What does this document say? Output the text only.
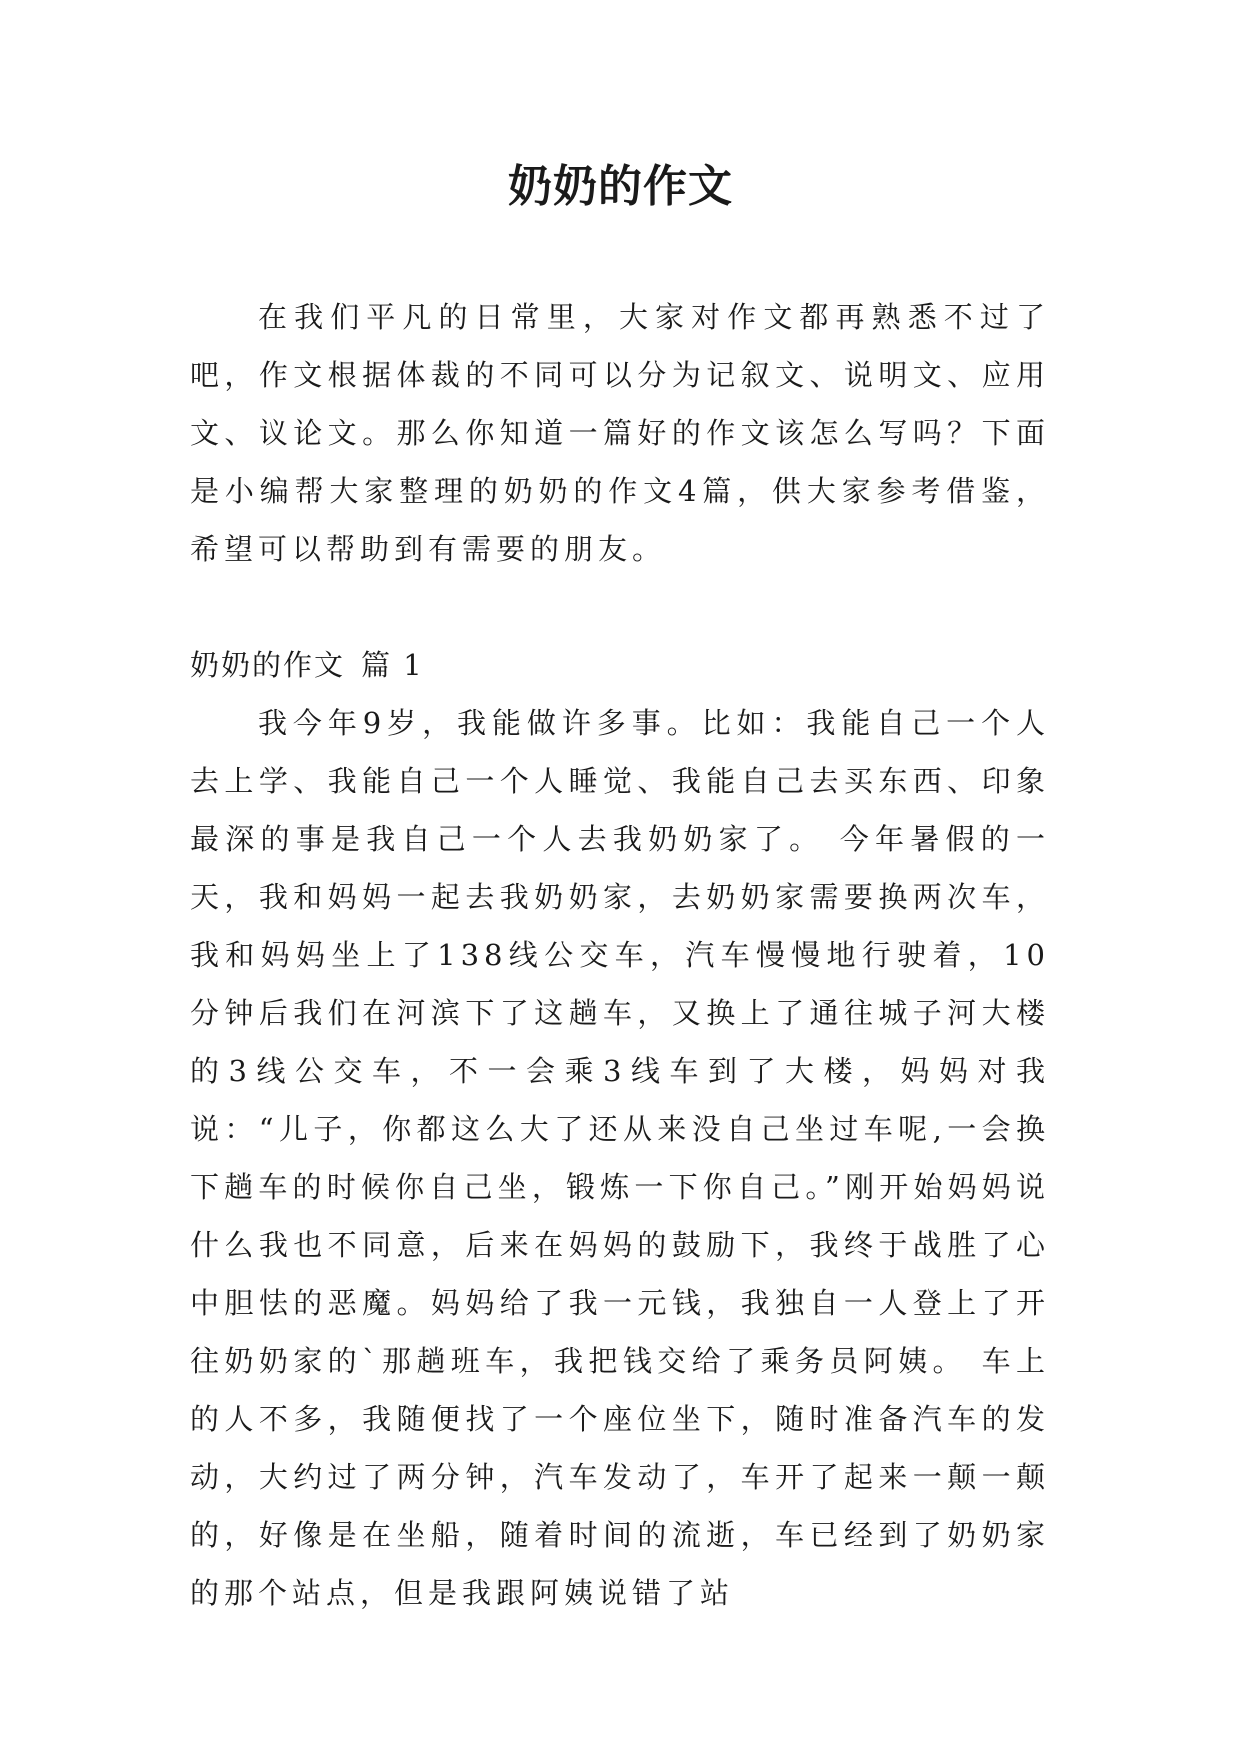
奶奶的作文

在我们平凡的日常里，大家对作文都再熟悉不过了吧，作文根据体裁的不同可以分为记叙文、说明文、应用文、议论文。那么你知道一篇好的作文该怎么写吗？下面是小编帮大家整理的奶奶的作文4篇，供大家参考借鉴，希望可以帮助到有需要的朋友。

奶奶的作文 篇 1

我今年9岁，我能做许多事。比如：我能自己一个人去上学、我能自己一个人睡觉、我能自己去买东西、印象最深的事是我自己一个人去我奶奶家了。 今年暑假的一天，我和妈妈一起去我奶奶家，去奶奶家需要换两次车，我和妈妈坐上了138线公交车，汽车慢慢地行驶着，10分钟后我们在河滨下了这趟车，又换上了通往城子河大楼的3线公交车，不一会乘3线车到了大楼，妈妈对我说：“儿子，你都这么大了还从来没自己坐过车呢,一会换下趟车的时候你自己坐，锻炼一下你自己。”刚开始妈妈说什么我也不同意，后来在妈妈的鼓励下，我终于战胜了心中胆怯的恶魔。妈妈给了我一元钱，我独自一人登上了开往奶奶家的`那趟班车，我把钱交给了乘务员阿姨。 车上的人不多，我随便找了一个座位坐下，随时准备汽车的发动，大约过了两分钟，汽车发动了，车开了起来一颠一颠的，好像是在坐船，随着时间的流逝，车已经到了奶奶家的那个站点，但是我跟阿姨说错了站
